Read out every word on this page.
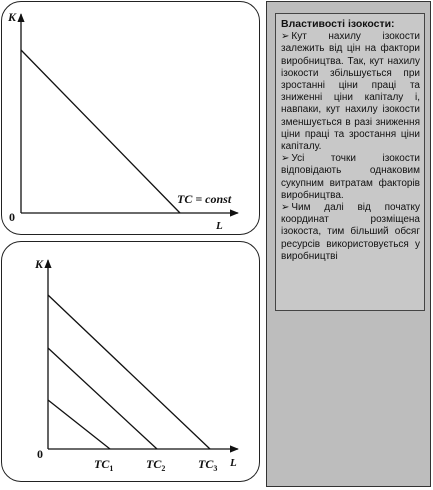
K
L
0
TC = const
K
L
0
$TC_1$	$TC_2$	$TC_3$
Властивості ізокости:

➢ Кут нахилу ізокости залежить від цін на фактори виробництва. Так, кут нахилу ізокости збільшується при зростанні ціни праці та зниженні ціни капіталу і, навпаки, кут нахилу ізокости зменшується в разі зниження ціни праці та зростання ціни капіталу.

➢ Усі точки ізокости відповідають однаковим сукупним витратам факторів виробництва.

➢ Чим далі від початку координат розміщена ізокоста, тим більший обсяг ресурсів використовується у виробництві
